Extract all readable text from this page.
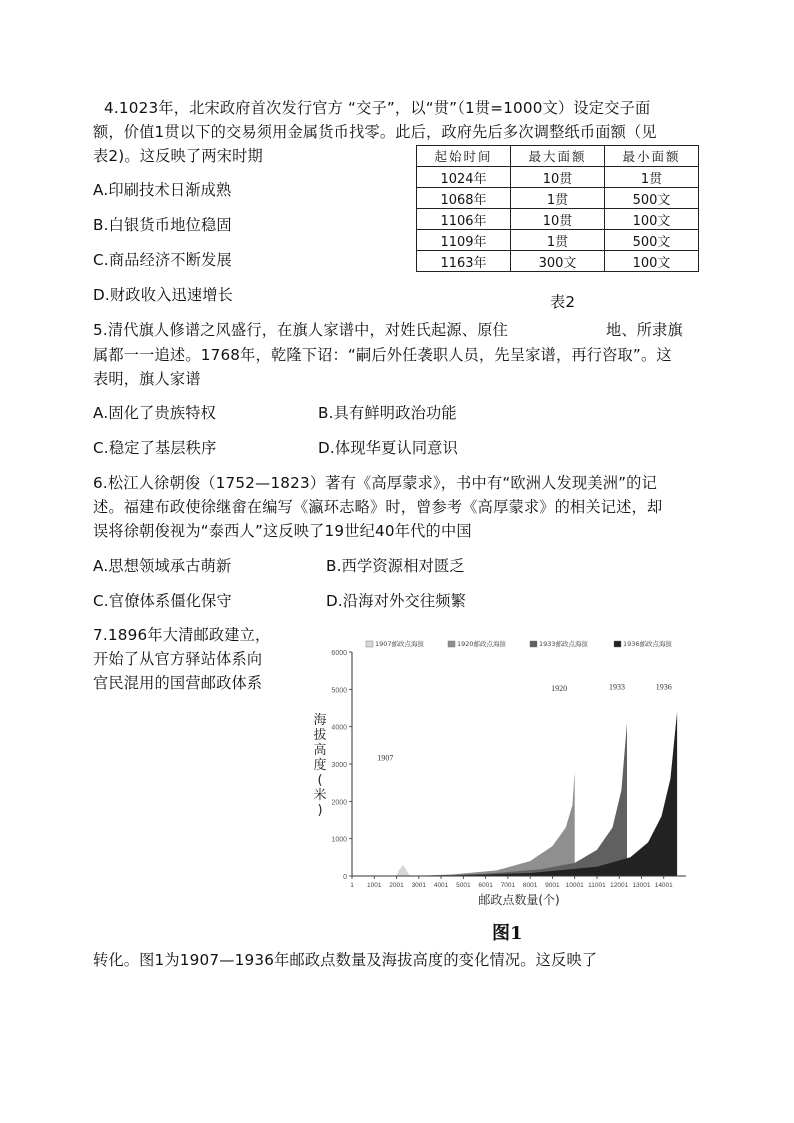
4.1023年，北宋政府首次发行官方 “交子”，以“贯”（1贯=1000文）设定交子面
额，价值1贯以下的交易须用金属货币找零。此后，政府先后多次调整纸币面额（见
表2)。这反映了两宋时期
A.印刷技术日渐成熟
B.白银货币地位稳固
C.商品经济不断发展
D.财政收入迅速增长
起始时间	最大面额	最小面额
1024年	10贯	1贯
1068年	1贯	500文
1106年	10贯	100文
1109年	1贯	500文
1163年	300文	100文
表2
5.清代旗人修谱之风盛行，在旗人家谱中，对姓氏起源、原住	地、所隶旗
属都一一追述。1768年，乾隆下诏：“嗣后外任袭职人员，先呈家谱，再行咨取”。这
表明，旗人家谱
A.固化了贵族特权	B.具有鲜明政治功能
C.稳定了基层秩序	D.体现华夏认同意识
6.松江人徐朝俊（1752—1823）著有《高厚蒙求》，书中有“欧洲人发现美洲”的记
述。福建布政使徐继畲在编写《瀛环志略》时，曾参考《高厚蒙求》的相关记述，却
误将徐朝俊视为“泰西人”这反映了19世纪40年代的中国
A.思想领域承古萌新	B.西学资源相对匮乏
C.官僚体系僵化保守	D.沿海对外交往频繁
7.1896年大清邮政建立，
开始了从官方驿站体系向
官民混用的国营邮政体系
转化。图1为1907—1936年邮政点数量及海拔高度的变化情况。这反映了
1907
1920	1933	1936
0
1000
2000
3000
4000
5000
6000
1 1001 2001 3001 4001 5001 6001 7001 8001 9001 10001 11001 12001 13001 14001
1907邮政点海拔	1920邮政点海拔	1933邮政点海拔	1936邮政点海拔
海
拔
高
度
(
米
)
邮政点数量(个)
图1
